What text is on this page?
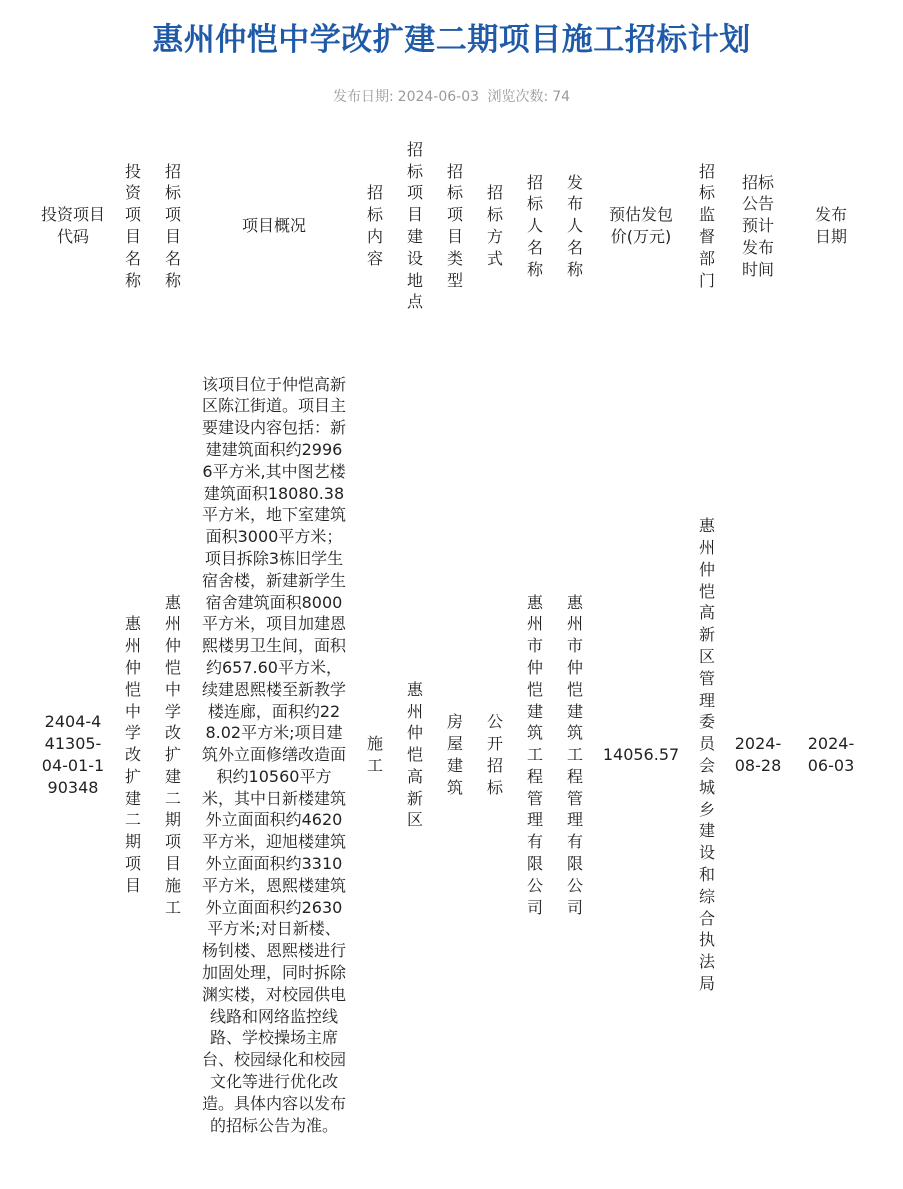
惠州仲恺中学改扩建二期项目施工招标计划
发布日期: 2024-06-03 浏览次数: 74
投资项目代码	投资项目名称	招标项目名称	项目概况	招标内容	招标项目建设地点	招标项目类型	招标方式	招标人名称	发布人名称	预估发包价(万元)	招标监督部门	招标公告预计发布时间	发布日期

2404-441305-04-01-190348	惠州仲恺中学改扩建二期项目	惠州仲恺中学改扩建二期项目施工	该项目位于仲恺高新区陈江街道。项目主要建设内容包括：新建建筑面积约29966平方米,其中图艺楼建筑面积18080.38平方米，地下室建筑面积3000平方米；项目拆除3栋旧学生宿舍楼，新建新学生宿舍建筑面积8000平方米，项目加建恩熙楼男卫生间，面积约657.60平方米，续建恩熙楼至新教学楼连廊，面积约228.02平方米;项目建筑外立面修缮改造面积约10560平方米，其中日新楼建筑外立面面积约4620平方米，迎旭楼建筑外立面面积约3310平方米，恩熙楼建筑外立面面积约2630平方米;对日新楼、杨钊楼、恩熙楼进行加固处理，同时拆除渊实楼，对校园供电线路和网络监控线路、学校操场主席台、校园绿化和校园文化等进行优化改造。具体内容以发布的招标公告为准。	施工	惠州仲恺高新区	房屋建筑	公开招标	惠州市仲恺建筑工程管理有限公司	惠州市仲恺建筑工程管理有限公司	14056.57	惠州仲恺高新区管理委员会城乡建设和综合执法局	2024-08-28	2024-06-03
